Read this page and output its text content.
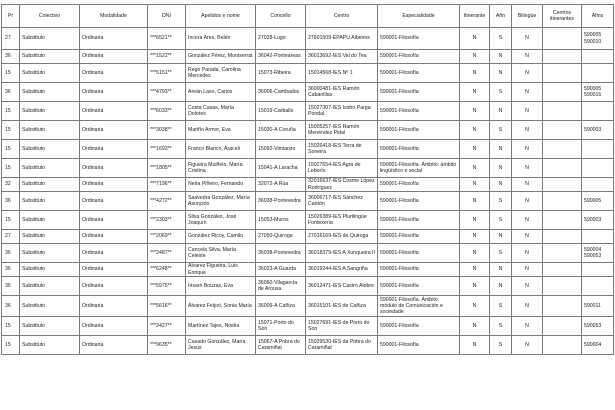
Pr	Colectivo	Modalidade	DNI	Apelidos e nome	Concello	Centro	Especialidade	Itinerante	Afín	Bilingüe	Centros itinerantes	Afins
27	Substituto	Ordinaria	***6521**	Incera Ares, Belén	27028-Lugo	27601509-EPAPU Albeiros	590001-Filosofía	N	S	N		590005 590010
36	Substituto	Ordinaria	***1522**	González Pérez, Montserrat	36042-Ponteareas	36013692-IES Val do Tea	590001-Filosofía	N	N	N		
15	Substituto	Ordinaria	***5151**	Rego Parada, Carolina Mercedes	15073-Ribeira	15014568-IES Nº 1	590001-Filosofía	N	N	N		
36	Substituto	Ordinaria	***4793**	Areán Laso, Carlos	36006-Cambados	36000481-IES Ramón Cabanillas	590001-Filosofía	N	S	N		590005 590016
15	Substituto	Ordinaria	***6033**	Costa Casas, María Dolores	15019-Carballo	15027307-IES Isidro Parga Pondal	590001-Filosofía	N	N	N		
15	Substituto	Ordinaria	***3038**	Mariño Armor, Eva	15030-A Coruña	15005257-IES Ramón Menéndez Pidal	590001-Filosofía	N	S	N		590003
15	Substituto	Ordinaria	***1693**	Franco Blanco, Araceli	15092-Vimianzo	15026418-IES Terra de Soneira	590001-Filosofía	N	N	N		
15	Substituto	Ordinaria	***1805**	Figueira Muiñelo, María Cristina	15041-A Laracha	15027654-IES Agra de Leborís	590001-Filosofía. Ámbito: ámbito lingüístico e social	N	N	N		
32	Substituto	Ordinaria	***7196**	Neira Piñeiro, Fernando	32072-A Rúa	32016637-IES Cosme López Rodríguez	590001-Filosofía	N	N	N		
36	Substituto	Ordinaria	***4272**	Saavedra González, María Asunción	36038-Pontevedra	36006717-IES Sánchez Cantón	590001-Filosofía	N	S	N		590005
15	Substituto	Ordinaria	***2303**	Silva González, José Joaquín	15053-Muros	15026389-IES Plurilingüe Fontexería	590001-Filosofía	N	S	N		590003
27	Substituto	Ordinaria	***2069**	González Ricoy, Camilo	27050-Quiroga	27016169-IES de Quiroga	590001-Filosofía	N	N	N		
36	Substituto	Ordinaria	***2487**	Cancela Silva, María Celeste	36038-Pontevedra	36018379-IES A Xunqueira II	590001-Filosofía	N	S	N		590004 590053
36	Substituto	Ordinaria	***6248**	Álvarez Figueira, Luis Enrique	36023-A Guarda	36019244-IES A Sangriña	590001-Filosofía	N	N	N		
36	Substituto	Ordinaria	***5975**	Irisarri Bouzas, Eva	36060-Vilagarcía de Arousa	36012471-IES Castro Alobre	590001-Filosofía	N	N	N		
36	Substituto	Ordinaria	***5616**	Álvarez Feijoó, Sonia María	36009-A Cañiza	36015101-IES de Cañiza	590001-Filosofía. Ámbito: módulo de Comunicación e sociedade	N	S	N		590011
15	Substituto	Ordinaria	***2427**	Martínez Tajes, Noelia	15071-Porto do Son	15027691-IES de Porto do Son	590001-Filosofía	N	S	N		590053
15	Substituto	Ordinaria	***9635**	Casado González, María Jesús	15067-A Pobra do Caramiñal	15029530-IES da Pobra do Caramiñal	590001-Filosofía	N	S	N		590004
